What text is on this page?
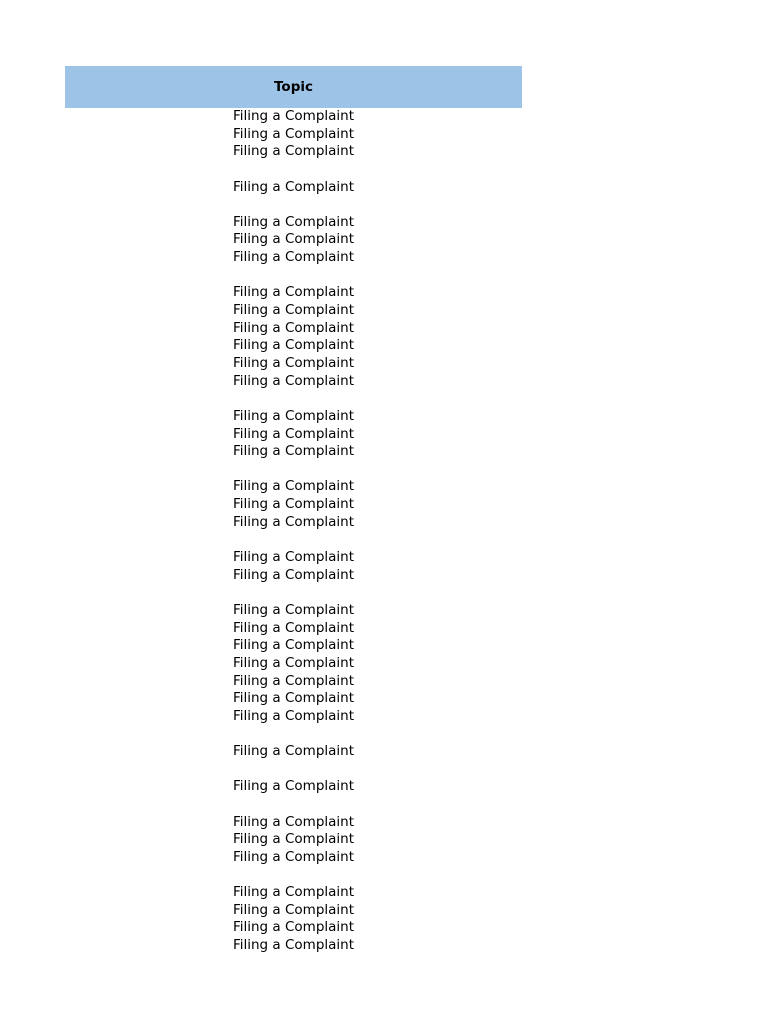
Topic
Filing a Complaint
Filing a Complaint
Filing a Complaint
Filing a Complaint
Filing a Complaint
Filing a Complaint
Filing a Complaint
Filing a Complaint
Filing a Complaint
Filing a Complaint
Filing a Complaint
Filing a Complaint
Filing a Complaint
Filing a Complaint
Filing a Complaint
Filing a Complaint
Filing a Complaint
Filing a Complaint
Filing a Complaint
Filing a Complaint
Filing a Complaint
Filing a Complaint
Filing a Complaint
Filing a Complaint
Filing a Complaint
Filing a Complaint
Filing a Complaint
Filing a Complaint
Filing a Complaint
Filing a Complaint
Filing a Complaint
Filing a Complaint
Filing a Complaint
Filing a Complaint
Filing a Complaint
Filing a Complaint
Filing a Complaint
